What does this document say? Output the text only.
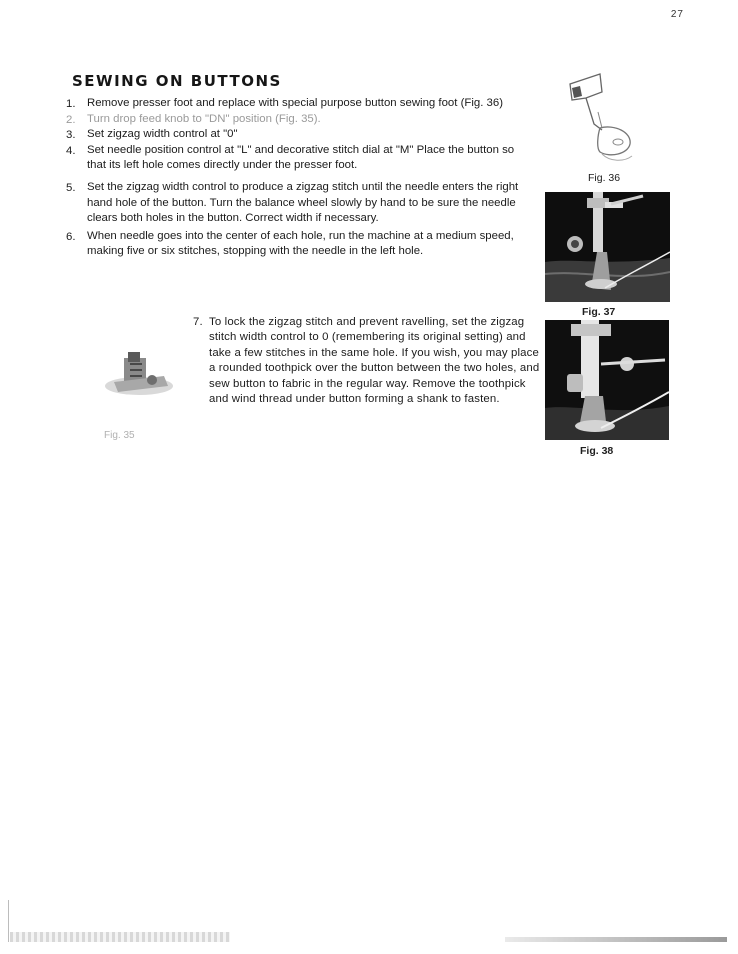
27
SEWING ON BUTTONS

1. Remove presser foot and replace with special purpose button sewing foot (Fig. 36)

2. Turn drop feed knob to "DN" position (Fig. 35).

3. Set zigzag width control at "0"

4. Set needle position control at "L" and decorative stitch dial at "M" Place the button so that its left hole comes directly under the presser foot.

5. Set the zigzag width control to produce a zigzag stitch until the needle enters the right hand hole of the button. Turn the balance wheel slowly by hand to be sure the needle clears both holes in the button. Correct width if necessary.

6. When needle goes into the center of each hole, run the machine at a medium speed, making five or six stitches, stopping with the needle in the left hole.

7. To lock the zigzag stitch and prevent ravelling, set the zigzag stitch width control to 0 (remembering its original setting) and take a few stitches in the same hole. If you wish, you may place a rounded toothpick over the button between the two holes, and sew button to fabric in the regular way. Remove the toothpick and wind thread under button forming a shank to fasten.

Fig. 35
Fig. 36
Fig. 37
Fig. 38
